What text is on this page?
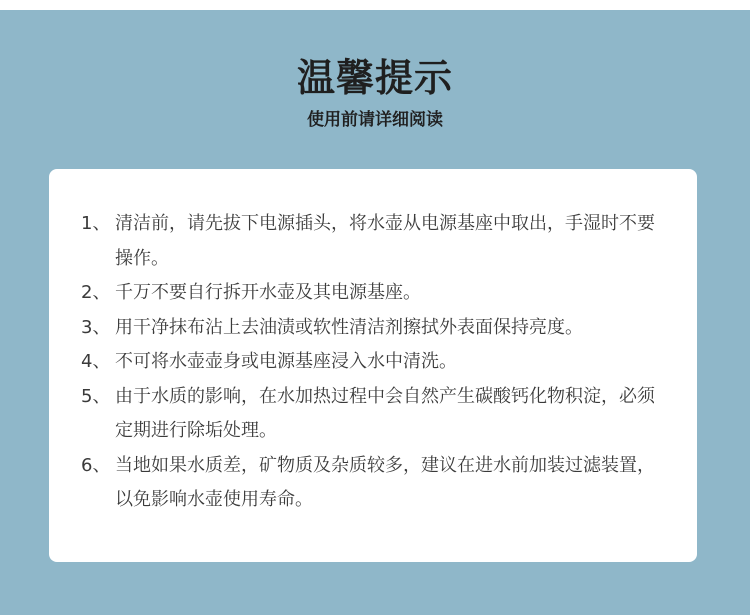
温馨提示
使用前请详细阅读
1、 清洁前，请先拔下电源插头，将水壶从电源基座中取出，手湿时不要操作。
2、 千万不要自行拆开水壶及其电源基座。
3、 用干净抹布沾上去油渍或软性清洁剂擦拭外表面保持亮度。
4、 不可将水壶壶身或电源基座浸入水中清洗。
5、 由于水质的影响，在水加热过程中会自然产生碳酸钙化物积淀，必须定期进行除垢处理。
6、 当地如果水质差，矿物质及杂质较多，建议在进水前加装过滤装置，以免影响水壶使用寿命。
